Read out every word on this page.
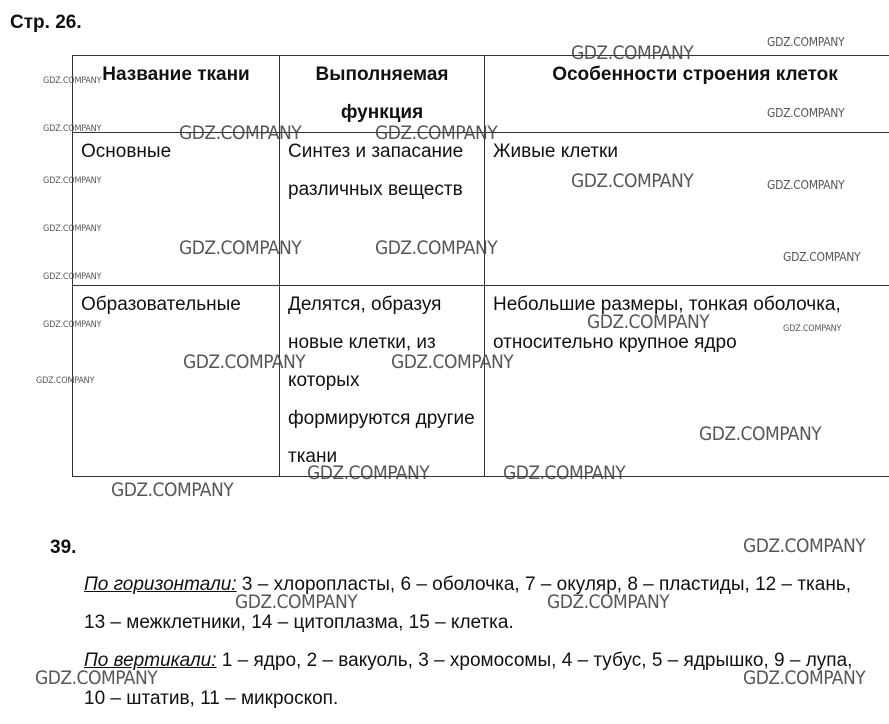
Стр. 26.
Название ткани	Выполняемая функция	Особенности строения клеток
Основные	Синтез и запасание различных веществ	Живые клетки
Образовательные	Делятся, образуя новые клетки, из которых формируются другие ткани	Небольшие размеры, тонкая оболочка, относительно крупное ядро
39.
По горизонтали: 3 – хлоропласты, 6 – оболочка, 7 – окуляр, 8 – пластиды, 12 – ткань, 13 – межклетники, 14 – цитоплазма, 15 – клетка.
По вертикали: 1 – ядро, 2 – вакуоль, 3 – хромосомы, 4 – тубус, 5 – ядрышко, 9 – лупа, 10 – штатив, 11 – микроскоп.
GDZ.COMPANY	GDZ.COMPANY
GDZ.COMPANY
GDZ.COMPANY
GDZ.COMPANY	GDZ.COMPANY	GDZ.COMPANY
GDZ.COMPANY	GDZ.COMPANY	GDZ.COMPANY
GDZ.COMPANY
GDZ.COMPANY	GDZ.COMPANY	GDZ.COMPANY
GDZ.COMPANY
GDZ.COMPANY
GDZ.COMPANY	GDZ.COMPANY
GDZ.COMPANY	GDZ.COMPANY
GDZ.COMPANY
GDZ.COMPANY
GDZ.COMPANY	GDZ.COMPANY
GDZ.COMPANY
GDZ.COMPANY
GDZ.COMPANY	GDZ.COMPANY
GDZ.COMPANY	GDZ.COMPANY
